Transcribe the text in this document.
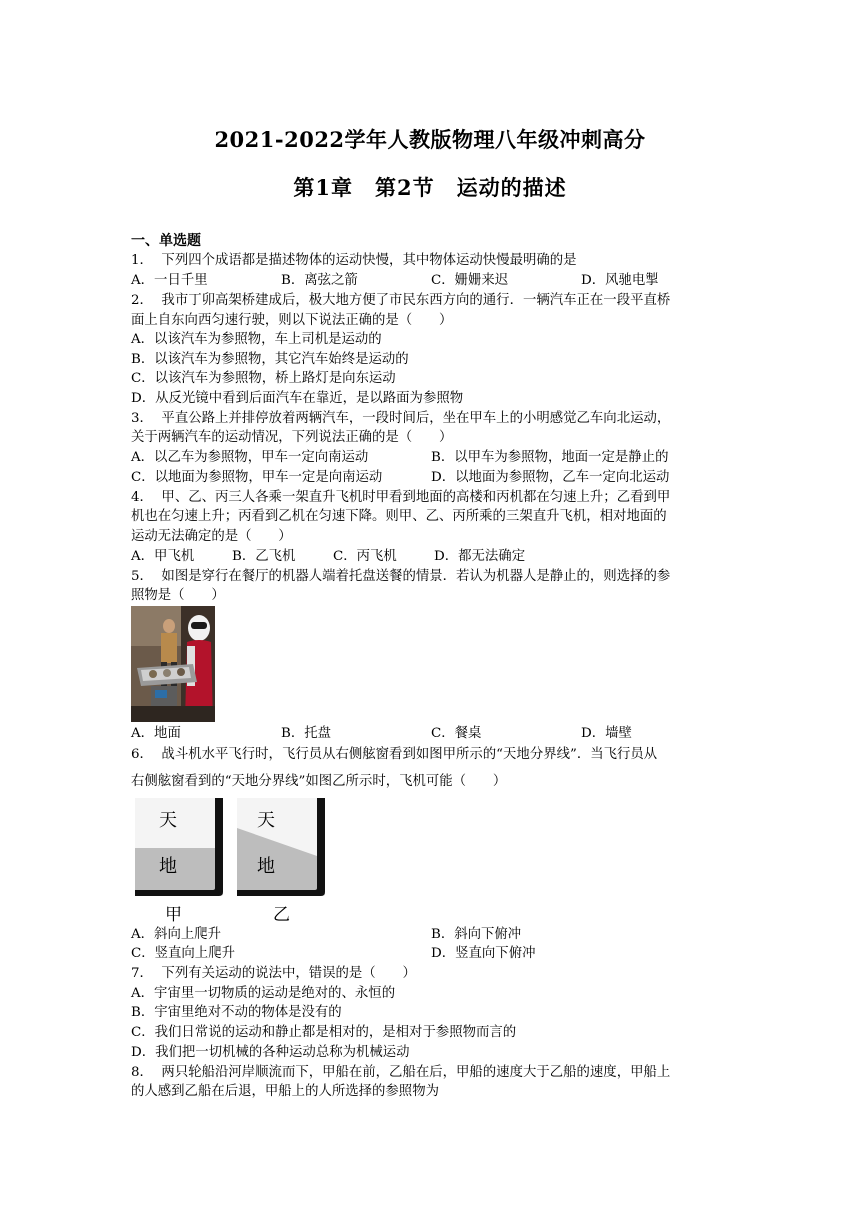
2021-2022学年人教版物理八年级冲刺高分
第1章　第2节　运动的描述
一、单选题
1．  下列四个成语都是描述物体的运动快慢，其中物体运动快慢最明确的是
A．一日千里	B．离弦之箭	C．姗姗来迟	D．风驰电掣
2．  我市丁卯高架桥建成后，极大地方便了市民东西方向的通行．一辆汽车正在一段平直桥
面上自东向西匀速行驶，则以下说法正确的是（　　）
A．以该汽车为参照物，车上司机是运动的
B．以该汽车为参照物，其它汽车始终是运动的
C．以该汽车为参照物，桥上路灯是向东运动
D．从反光镜中看到后面汽车在靠近，是以路面为参照物
3．  平直公路上并排停放着两辆汽车，一段时间后，坐在甲车上的小明感觉乙车向北运动，
关于两辆汽车的运动情况，下列说法正确的是（　　）
A．以乙车为参照物，甲车一定向南运动	B．以甲车为参照物，地面一定是静止的
C．以地面为参照物，甲车一定是向南运动	D．以地面为参照物，乙车一定向北运动
4．  甲、乙、丙三人各乘一架直升飞机时甲看到地面的高楼和丙机都在匀速上升；乙看到甲
机也在匀速上升；丙看到乙机在匀速下降。则甲、乙、丙所乘的三架直升飞机，相对地面的
运动无法确定的是（　　）
A．甲飞机	B．乙飞机	C．丙飞机	D．都无法确定
5．  如图是穿行在餐厅的机器人端着托盘送餐的情景．若认为机器人是静止的，则选择的参
照物是（　　）
A．地面	B．托盘	C．餐桌	D．墙壁
6．  战斗机水平飞行时，飞行员从右侧舷窗看到如图甲所示的“天地分界线”．当飞行员从
右侧舷窗看到的“天地分界线”如图乙所示时，飞机可能（　　）
天
地
天
地
甲	乙
A．斜向上爬升	B．斜向下俯冲
C．竖直向上爬升	D．竖直向下俯冲
7．  下列有关运动的说法中，错误的是（　　）
A．宇宙里一切物质的运动是绝对的、永恒的
B．宇宙里绝对不动的物体是没有的
C．我们日常说的运动和静止都是相对的，是相对于参照物而言的
D．我们把一切机械的各种运动总称为机械运动
8．  两只轮船沿河岸顺流而下，甲船在前，乙船在后，甲船的速度大于乙船的速度，甲船上
的人感到乙船在后退，甲船上的人所选择的参照物为
